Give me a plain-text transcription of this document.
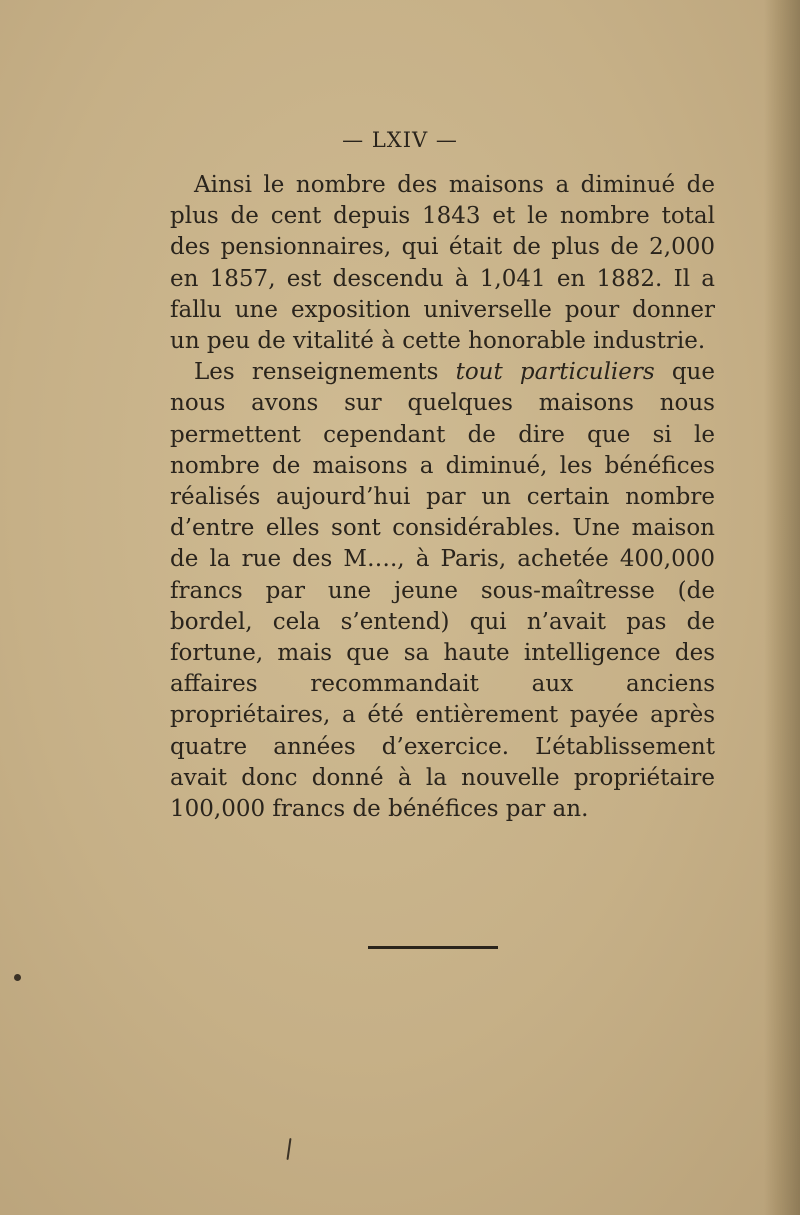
— LXIV —

Ainsi le nombre des maisons a diminué de plus de cent depuis 1843 et le nombre total des pensionnaires, qui était de plus de 2,000 en 1857, est descendu à 1,041 en 1882. Il a fallu une exposition universelle pour donner un peu de vitalité à cette honorable industrie.

Les renseignements tout particuliers que nous avons sur quelques maisons nous permettent cependant de dire que si le nombre de maisons a diminué, les bénéfices réalisés aujourd’hui par un certain nombre d’entre elles sont considérables. Une maison de la rue des M…., à Paris, achetée 400,000 francs par une jeune sous-maîtresse (de bordel, cela s’entend) qui n’avait pas de fortune, mais que sa haute intelligence des affaires recommandait aux anciens propriétaires, a été entièrement payée après quatre années d’exercice. L’établissement avait donc donné à la nouvelle propriétaire 100,000 francs de bénéfices par an.
